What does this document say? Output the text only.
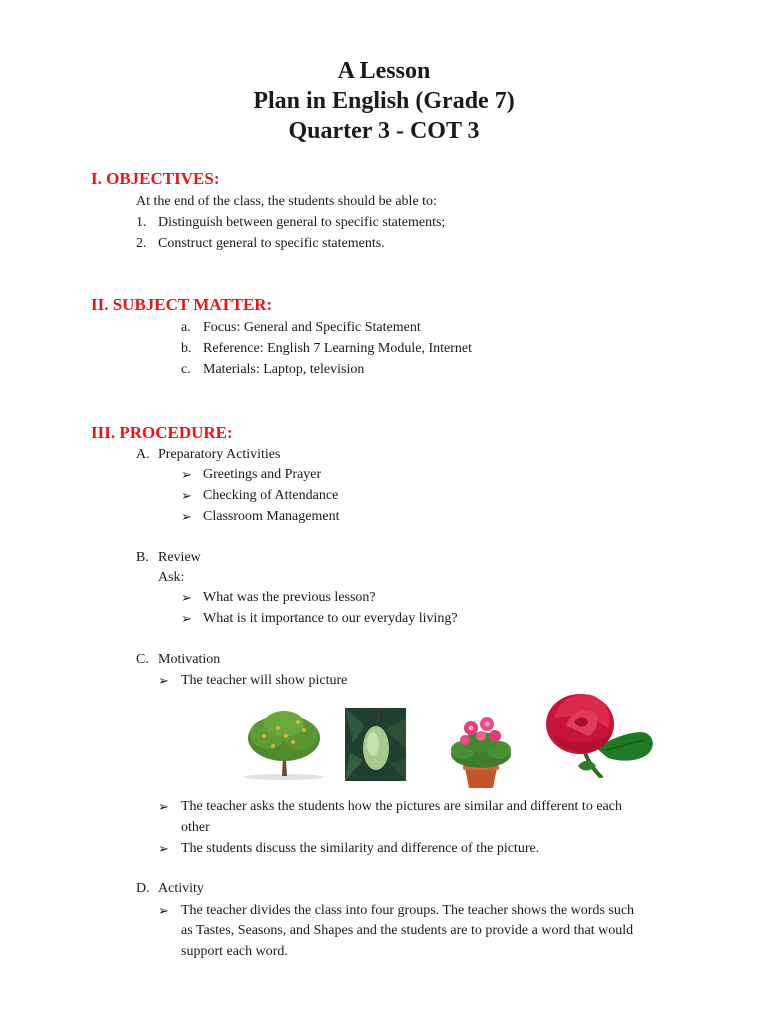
A Lesson
Plan in English (Grade 7)
Quarter 3 - COT 3
I. OBJECTIVES:
At the end of the class, the students should be able to:
1. Distinguish between general to specific statements;
2. Construct general to specific statements.
II. SUBJECT MATTER:
a. Focus: General and Specific Statement
b. Reference: English 7 Learning Module, Internet
c. Materials: Laptop, television
III. PROCEDURE:
A. Preparatory Activities
➢ Greetings and Prayer
➢ Checking of Attendance
➢ Classroom Management
B. Review
Ask:
➢ What was the previous lesson?
➢ What is it importance to our everyday living?
C. Motivation
➢ The teacher will show picture
➢ The teacher asks the students how the pictures are similar and different to each
other
➢ The students discuss the similarity and difference of the picture.
D. Activity
➢ The teacher divides the class into four groups. The teacher shows the words such
as Tastes, Seasons, and Shapes and the students are to provide a word that would
support each word.
